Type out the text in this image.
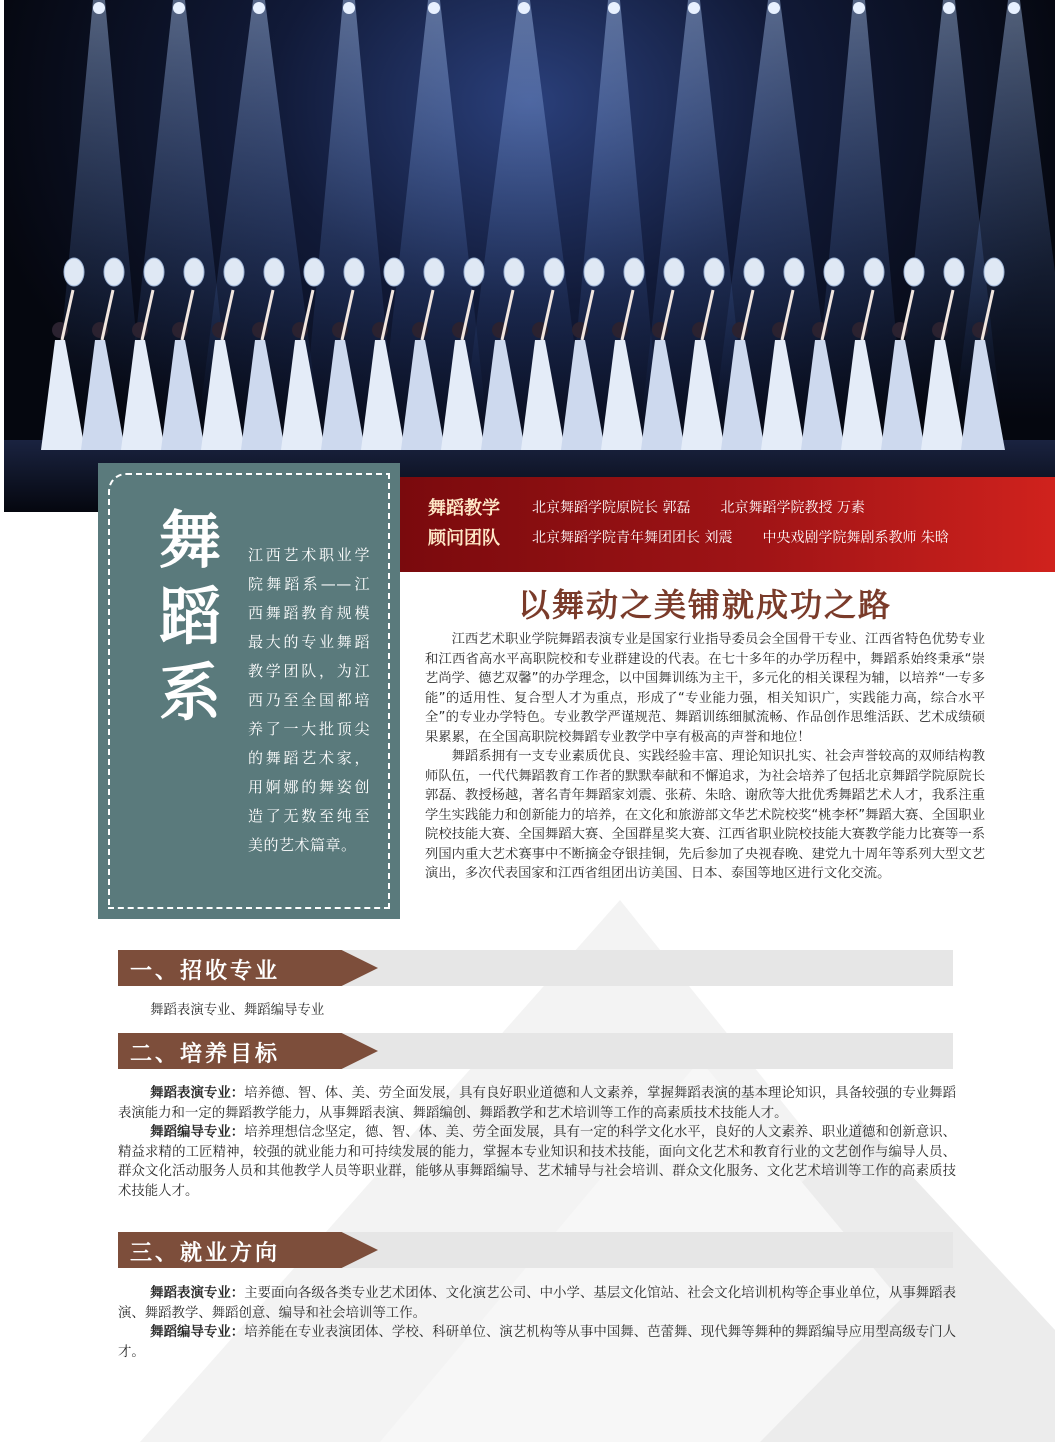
舞
蹈
系
江西艺术职业学院舞蹈系——江西舞蹈教育规模最大的专业舞蹈教学团队，为江西乃至全国都培养了一大批顶尖的舞蹈艺术家，用婀娜的舞姿创造了无数至纯至美的艺术篇章。
舞蹈教学	北京舞蹈学院原院长 郭磊 北京舞蹈学院教授 万素
顾问团队	北京舞蹈学院青年舞团团长 刘震 中央戏剧学院舞剧系教师 朱晗
以舞动之美铺就成功之路

江西艺术职业学院舞蹈表演专业是国家行业指导委员会全国骨干专业、江西省特色优势专业和江西省高水平高职院校和专业群建设的代表。在七十多年的办学历程中，舞蹈系始终秉承“崇艺尚学、德艺双馨”的办学理念，以中国舞训练为主干，多元化的相关课程为辅，以培养“一专多能”的适用性、复合型人才为重点，形成了“专业能力强，相关知识广，实践能力高，综合水平全”的专业办学特色。专业教学严谨规范、舞蹈训练细腻流畅、作品创作思维活跃、艺术成绩硕果累累，在全国高职院校舞蹈专业教学中享有极高的声誉和地位！

舞蹈系拥有一支专业素质优良、实践经验丰富、理论知识扎实、社会声誉较高的双师结构教师队伍，一代代舞蹈教育工作者的默默奉献和不懈追求，为社会培养了包括北京舞蹈学院原院长郭磊、教授杨越，著名青年舞蹈家刘震、张菥、朱晗、谢欣等大批优秀舞蹈艺术人才，我系注重学生实践能力和创新能力的培养，在文化和旅游部文华艺术院校奖“桃李杯”舞蹈大赛、全国职业院校技能大赛、全国舞蹈大赛、全国群星奖大赛、江西省职业院校技能大赛教学能力比赛等一系列国内重大艺术赛事中不断摘金夺银挂铜，先后参加了央视春晚、建党九十周年等系列大型文艺演出，多次代表国家和江西省组团出访美国、日本、泰国等地区进行文化交流。

一、招收专业

舞蹈表演专业、舞蹈编导专业

二、培养目标

舞蹈表演专业：培养德、智、体、美、劳全面发展，具有良好职业道德和人文素养，掌握舞蹈表演的基本理论知识，具备较强的专业舞蹈表演能力和一定的舞蹈教学能力，从事舞蹈表演、舞蹈编创、舞蹈教学和艺术培训等工作的高素质技术技能人才。

舞蹈编导专业：培养理想信念坚定，德、智、体、美、劳全面发展，具有一定的科学文化水平，良好的人文素养、职业道德和创新意识、精益求精的工匠精神，较强的就业能力和可持续发展的能力，掌握本专业知识和技术技能，面向文化艺术和教育行业的文艺创作与编导人员、群众文化活动服务人员和其他教学人员等职业群，能够从事舞蹈编导、艺术辅导与社会培训、群众文化服务、文化艺术培训等工作的高素质技术技能人才。

三、就业方向

舞蹈表演专业：主要面向各级各类专业艺术团体、文化演艺公司、中小学、基层文化馆站、社会文化培训机构等企事业单位，从事舞蹈表演、舞蹈教学、舞蹈创意、编导和社会培训等工作。

舞蹈编导专业：培养能在专业表演团体、学校、科研单位、演艺机构等从事中国舞、芭蕾舞、现代舞等舞种的舞蹈编导应用型高级专门人才。
